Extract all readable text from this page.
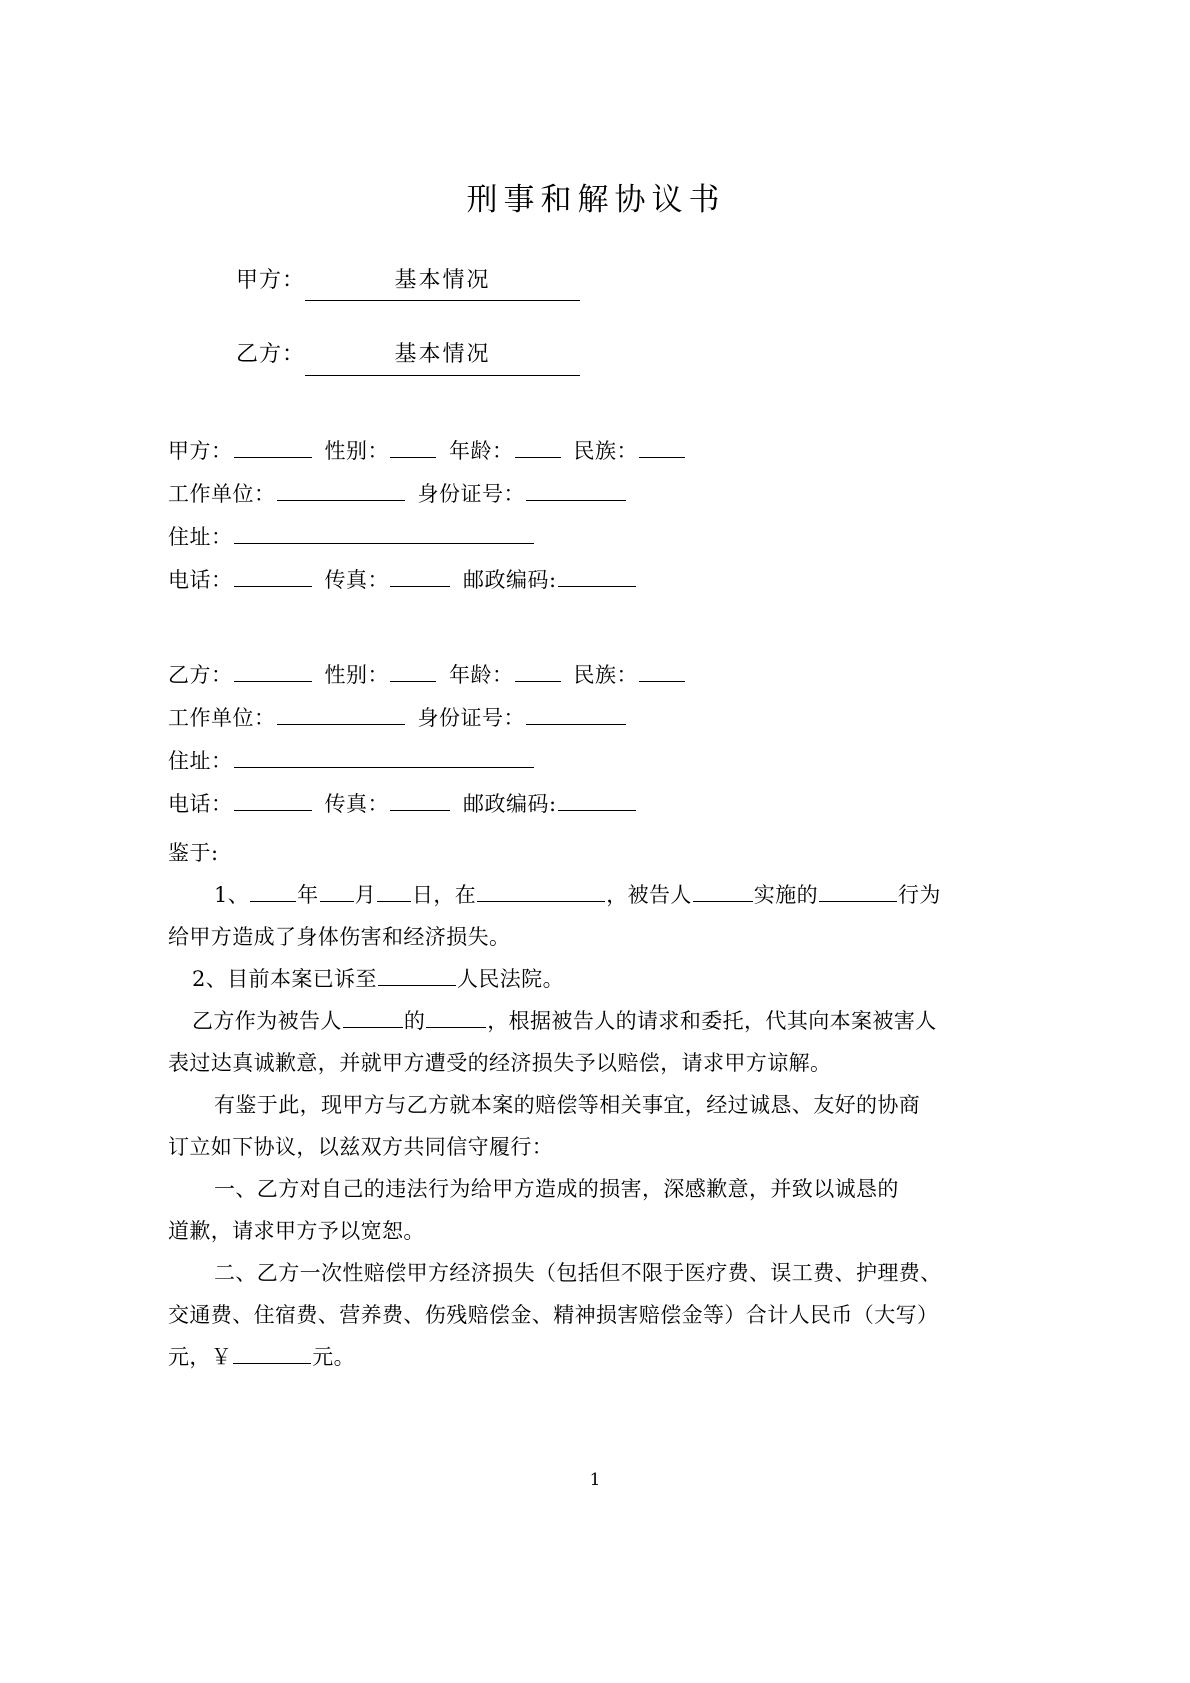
刑事和解协议书
甲方：	基本情况
乙方：	基本情况
甲方：	性别：	年龄：	民族：
工作单位：	身份证号：
住址：
电话：	传真：	邮政编码:
乙方：	性别：	年龄：	民族：
工作单位：	身份证号：
住址：
电话：	传真：	邮政编码:
鉴于:

1、 年 月 日，在	，被告人	实施的	行为

给甲方造成了身体伤害和经济损失。

2、目前本案已诉至	人民法院。

乙方作为被告人	的	，根据被告人的请求和委托，代其向本案被害人

表过达真诚歉意，并就甲方遭受的经济损失予以赔偿，请求甲方谅解。

有鉴于此，现甲方与乙方就本案的赔偿等相关事宜，经过诚恳、友好的协商

订立如下协议，以兹双方共同信守履行：

一、乙方对自己的违法行为给甲方造成的损害，深感歉意，并致以诚恳的

道歉，请求甲方予以宽恕。

二、乙方一次性赔偿甲方经济损失（包括但不限于医疗费、误工费、护理费、

交通费、住宿费、营养费、伤残赔偿金、精神损害赔偿金等）合计人民币（大写）

元，￥	元。

1
